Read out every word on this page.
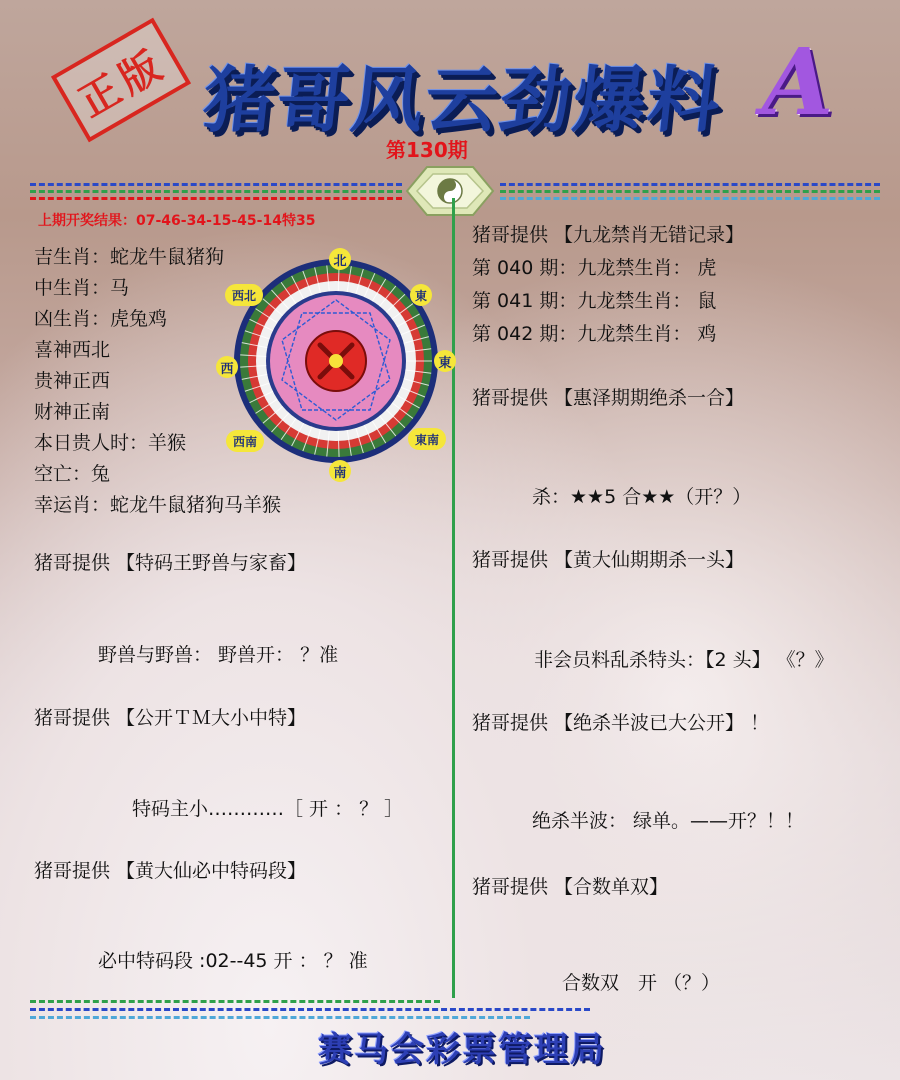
正版 猪哥风云劲爆料 A
第130期
上期开奖结果：07-46-34-15-45-14特35
吉生肖：蛇龙牛鼠猪狗
中生肖：马
凶生肖：虎兔鸡
喜神西北
贵神正西
财神正南
本日贵人时：羊猴
空亡：兔
幸运肖：蛇龙牛鼠猪狗马羊猴
北
東
南
西
西北	東
東南
西南
猪哥提供 【特码王野兽与家畜】
野兽与野兽： 野兽开： ？准
猪哥提供 【公开ＴＭ大小中特】
特码主小…………［ 开 ： ？ ］
猪哥提供 【黄大仙必中特码段】
必中特码段 :02--45 开 ： ？ 准
猪哥提供 【九龙禁肖无错记录】
第 040 期：九龙禁生肖： 虎
第 041 期：九龙禁生肖： 鼠
第 042 期：九龙禁生肖： 鸡
猪哥提供 【惠泽期期绝杀一合】
杀：★★5 合★★（开？）
猪哥提供 【黄大仙期期杀一头】
非会员料乱杀特头：【2 头】 《？》
猪哥提供 【绝杀半波已大公开】 ！
绝杀半波： 绿单。——开？！！
猪哥提供 【合数单双】
合数双　开 （？）
赛马会彩票管理局
